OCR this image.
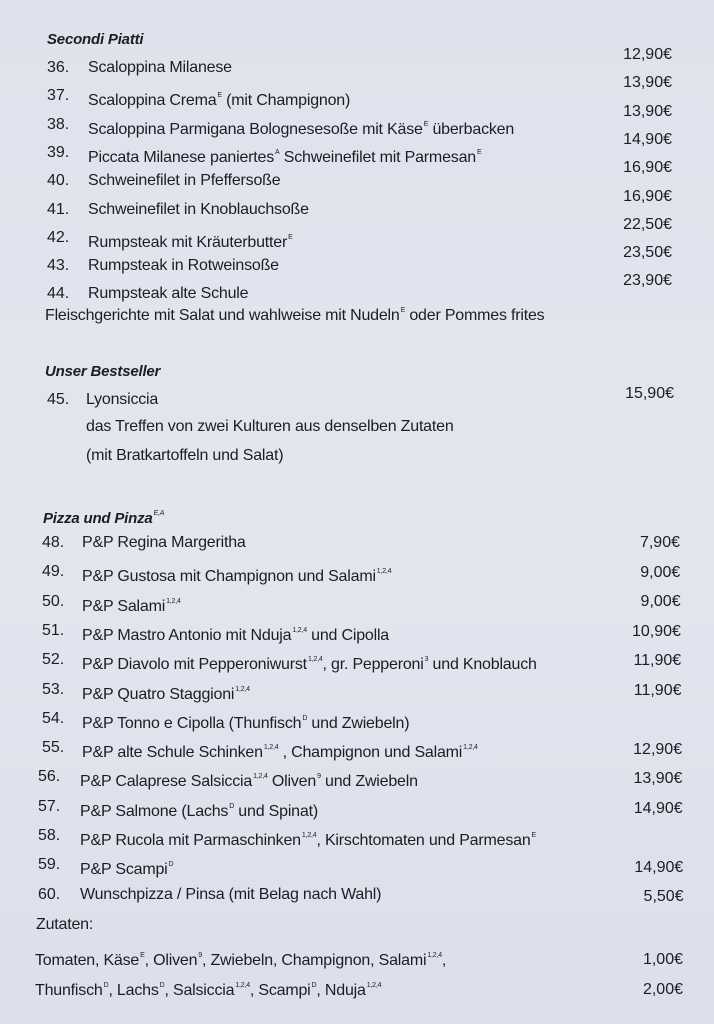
Secondi Piatti
36. Scaloppina Milanese
12,90€
37. Scaloppina Crema$^E$ (mit Champignon)
13,90€
38. Scaloppina Parmigana Bolognesesoße mit Käse$^E$ überbacken
13,90€
39. Piccata Milanese paniertes$^A$ Schweinefilet mit Parmesan$^E$
14,90€
40. Schweinefilet in Pfeffersoße
16,90€
41. Schweinefilet in Knoblauchsoße
16,90€
42. Rumpsteak mit Kräuterbutter$^E$
22,50€
43. Rumpsteak in Rotweinsoße
23,50€
44. Rumpsteak alte Schule
23,90€
Fleischgerichte mit Salat und wahlweise mit Nudeln$^E$ oder Pommes frites
Unser Bestseller
45. Lyonsiccia	15,90€
das Treffen von zwei Kulturen aus denselben Zutaten
(mit Bratkartoffeln und Salat)
Pizza und Pinza$^{E,A}$
48. P&P Regina Margeritha	7,90€
49. P&P Gustosa mit Champignon und Salami$^{1,2,4}$	9,00€
50. P&P Salami$^{1,2,4}$	9,00€
51. P&P Mastro Antonio mit Nduja$^{1,2,4}$ und Cipolla	10,90€
52. P&P Diavolo mit Pepperoniwurst$^{1,2,4}$, gr. Pepperoni$^3$ und Knoblauch	11,90€
53. P&P Quatro Staggioni$^{1,2,4}$	11,90€
54. P&P Tonno e Cipolla (Thunfisch$^D$ und Zwiebeln)
55. P&P alte Schule Schinken$^{1,2,4}$ , Champignon und Salami$^{1,2,4}$	12,90€
56. P&P Calaprese Salsiccia$^{1,2,4}$ Oliven$^9$ und Zwiebeln	13,90€
57. P&P Salmone (Lachs$^D$ und Spinat)	14,90€
58. P&P Rucola mit Parmaschinken$^{1,2,4}$, Kirschtomaten und Parmesan$^E$
59. P&P Scampi$^D$	14,90€
60. Wunschpizza / Pinsa (mit Belag nach Wahl)	5,50€
Zutaten:
Tomaten, Käse$^E$, Oliven$^9$, Zwiebeln, Champignon, Salami$^{1,2,4}$,	1,00€
Thunfisch$^D$, Lachs$^D$, Salsiccia$^{1,2,4}$, Scampi$^D$, Nduja$^{1,2,4}$	2,00€
